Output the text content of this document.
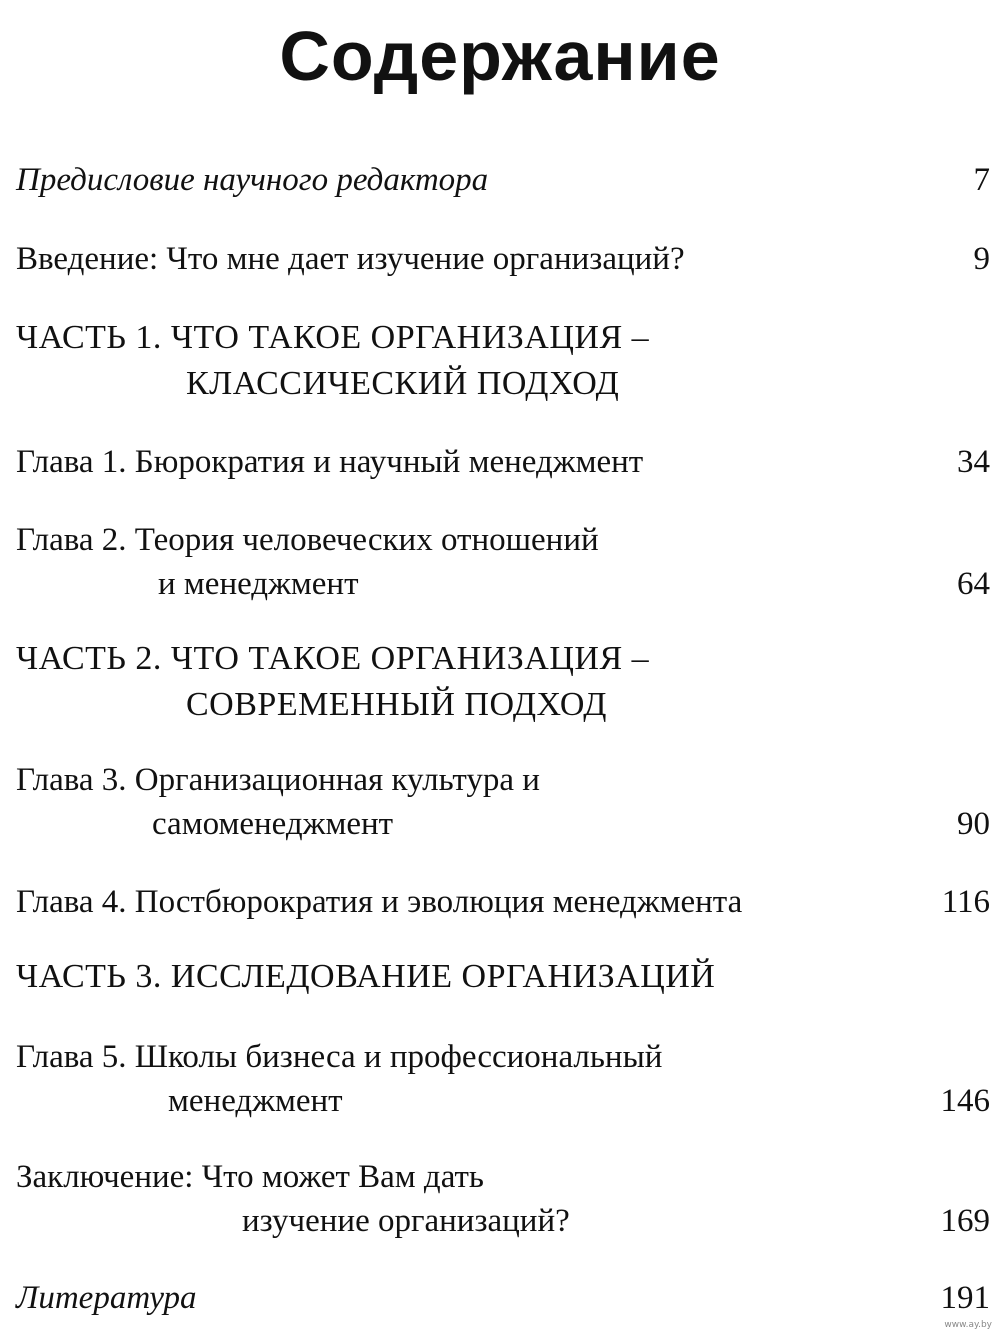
Содержание
Предисловие научного редактора	7
Введение: Что мне дает изучение организаций?	9
ЧАСТЬ 1. ЧТО ТАКОЕ ОРГАНИЗАЦИЯ –
КЛАССИЧЕСКИЙ ПОДХОД
Глава 1. Бюрократия и научный менеджмент	34
Глава 2. Теория человеческих отношений
и менеджмент	64
ЧАСТЬ 2. ЧТО ТАКОЕ ОРГАНИЗАЦИЯ –
СОВРЕМЕННЫЙ ПОДХОД
Глава 3. Организационная культура и
самоменеджмент	90
Глава 4. Постбюрократия и эволюция менеджмента	116
ЧАСТЬ 3. ИССЛЕДОВАНИЕ ОРГАНИЗАЦИЙ
Глава 5. Школы бизнеса и профессиональный
менеджмент	146
Заключение: Что может Вам дать
изучение организаций?	169
Литература	191
www.ay.by
